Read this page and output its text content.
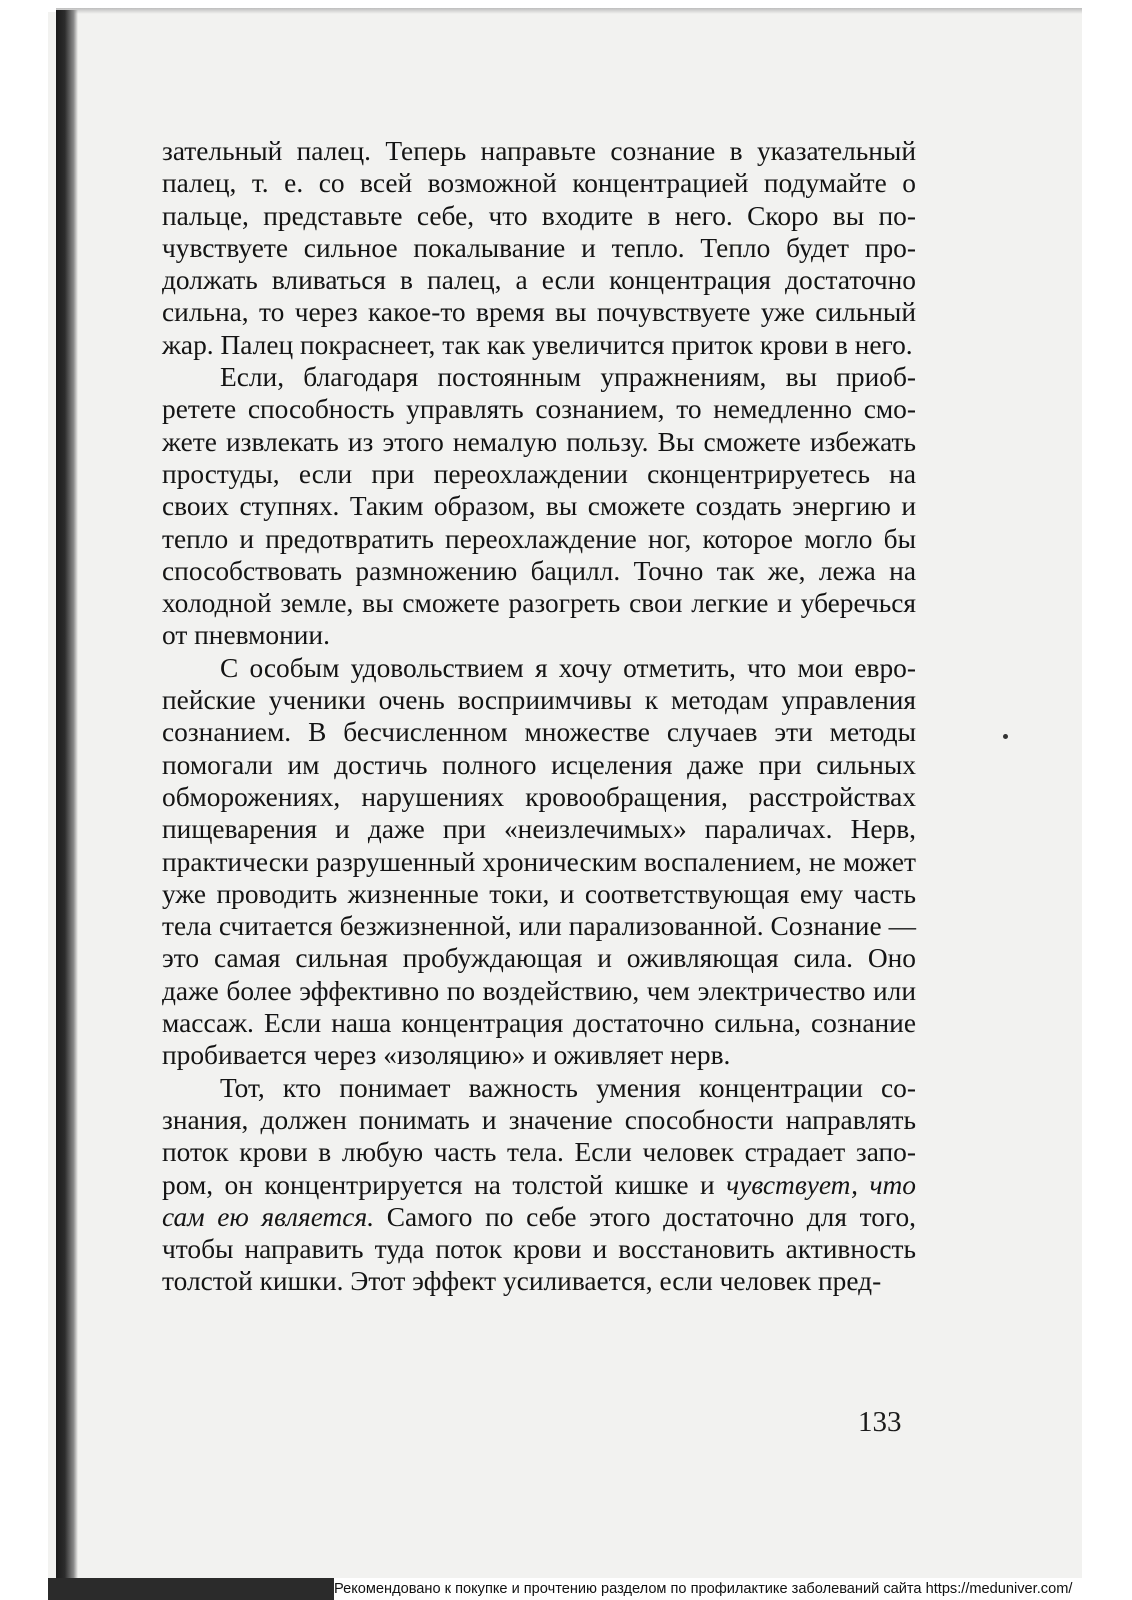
зательный палец. Теперь направьте сознание в указательный палец, т. е. со всей возможной концентрацией подумайте о пальце, представьте себе, что входите в него. Скоро вы почувствуете сильное покалывание и тепло. Тепло будет продолжать вливаться в палец, а если концентрация достаточно сильна, то через какое-то время вы почувствуете уже сильный жар. Палец покраснеет, так как увеличится приток крови в него.

Если, благодаря постоянным упражнениям, вы приобретете способность управлять сознанием, то немедленно сможете извлекать из этого немалую пользу. Вы сможете избежать простуды, если при переохлаждении сконцентрируетесь на своих ступнях. Таким образом, вы сможете создать энергию и тепло и предотвратить переохлаждение ног, которое могло бы способствовать размножению бацилл. Точно так же, лежа на холодной земле, вы сможете разогреть свои легкие и уберечься от пневмонии.

С особым удовольствием я хочу отметить, что мои европейские ученики очень восприимчивы к методам управления сознанием. В бесчисленном множестве случаев эти методы помогали им достичь полного исцеления даже при сильных обморожениях, нарушениях кровообращения, расстройствах пищеварения и даже при «неизлечимых» параличах. Нерв, практически разрушенный хроническим воспалением, не может уже проводить жизненные токи, и соответствующая ему часть тела считается безжизненной, или парализованной. Сознание — это самая сильная пробуждающая и оживляющая сила. Оно даже более эффективно по воздействию, чем электричество или массаж. Если наша концентрация достаточно сильна, сознание пробивается через «изоляцию» и оживляет нерв.

Тот, кто понимает важность умения концентрации сознания, должен понимать и значение способности направлять поток крови в любую часть тела. Если человек страдает запором, он концентрируется на толстой кишке и чувствует, что сам ею является. Самого по себе этого достаточно для того, чтобы направить туда поток крови и восстановить активность толстой кишки. Этот эффект усиливается, если человек пред-

133
Рекомендовано к покупке и прочтению разделом по профилактике заболеваний сайта https://meduniver.com/
